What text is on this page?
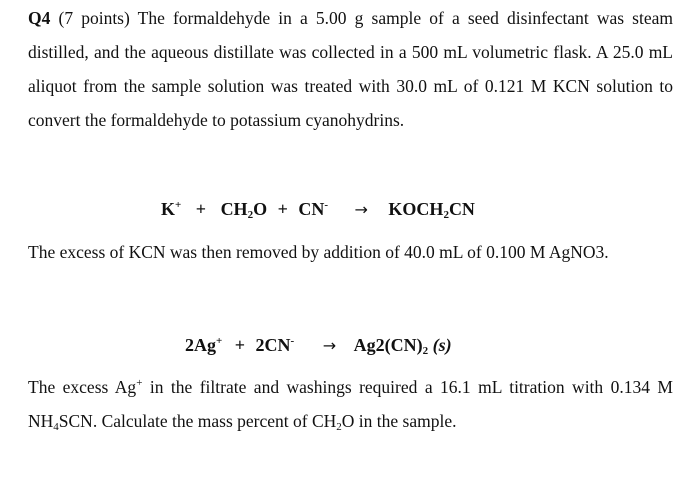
Q4 (7 points) The formaldehyde in a 5.00 g sample of a seed disinfectant was steam distilled, and the aqueous distillate was collected in a 500 mL volumetric flask. A 25.0 mL aliquot from the sample solution was treated with 30.0 mL of 0.121 M KCN solution to convert the formaldehyde to potassium cyanohydrins.

$K^+ + CH_2O + CN^-$ → $KOCH_2CN$

The excess of KCN was then removed by addition of 40.0 mL of 0.100 M AgNO3.

$2Ag^+ + 2CN^- \to Ag2(CN)_2$ (s)

The excess Ag+ in the filtrate and washings required a 16.1 mL titration with 0.134 M $NH_4SCN$. Calculate the mass percent of $CH_2O$ in the sample.
